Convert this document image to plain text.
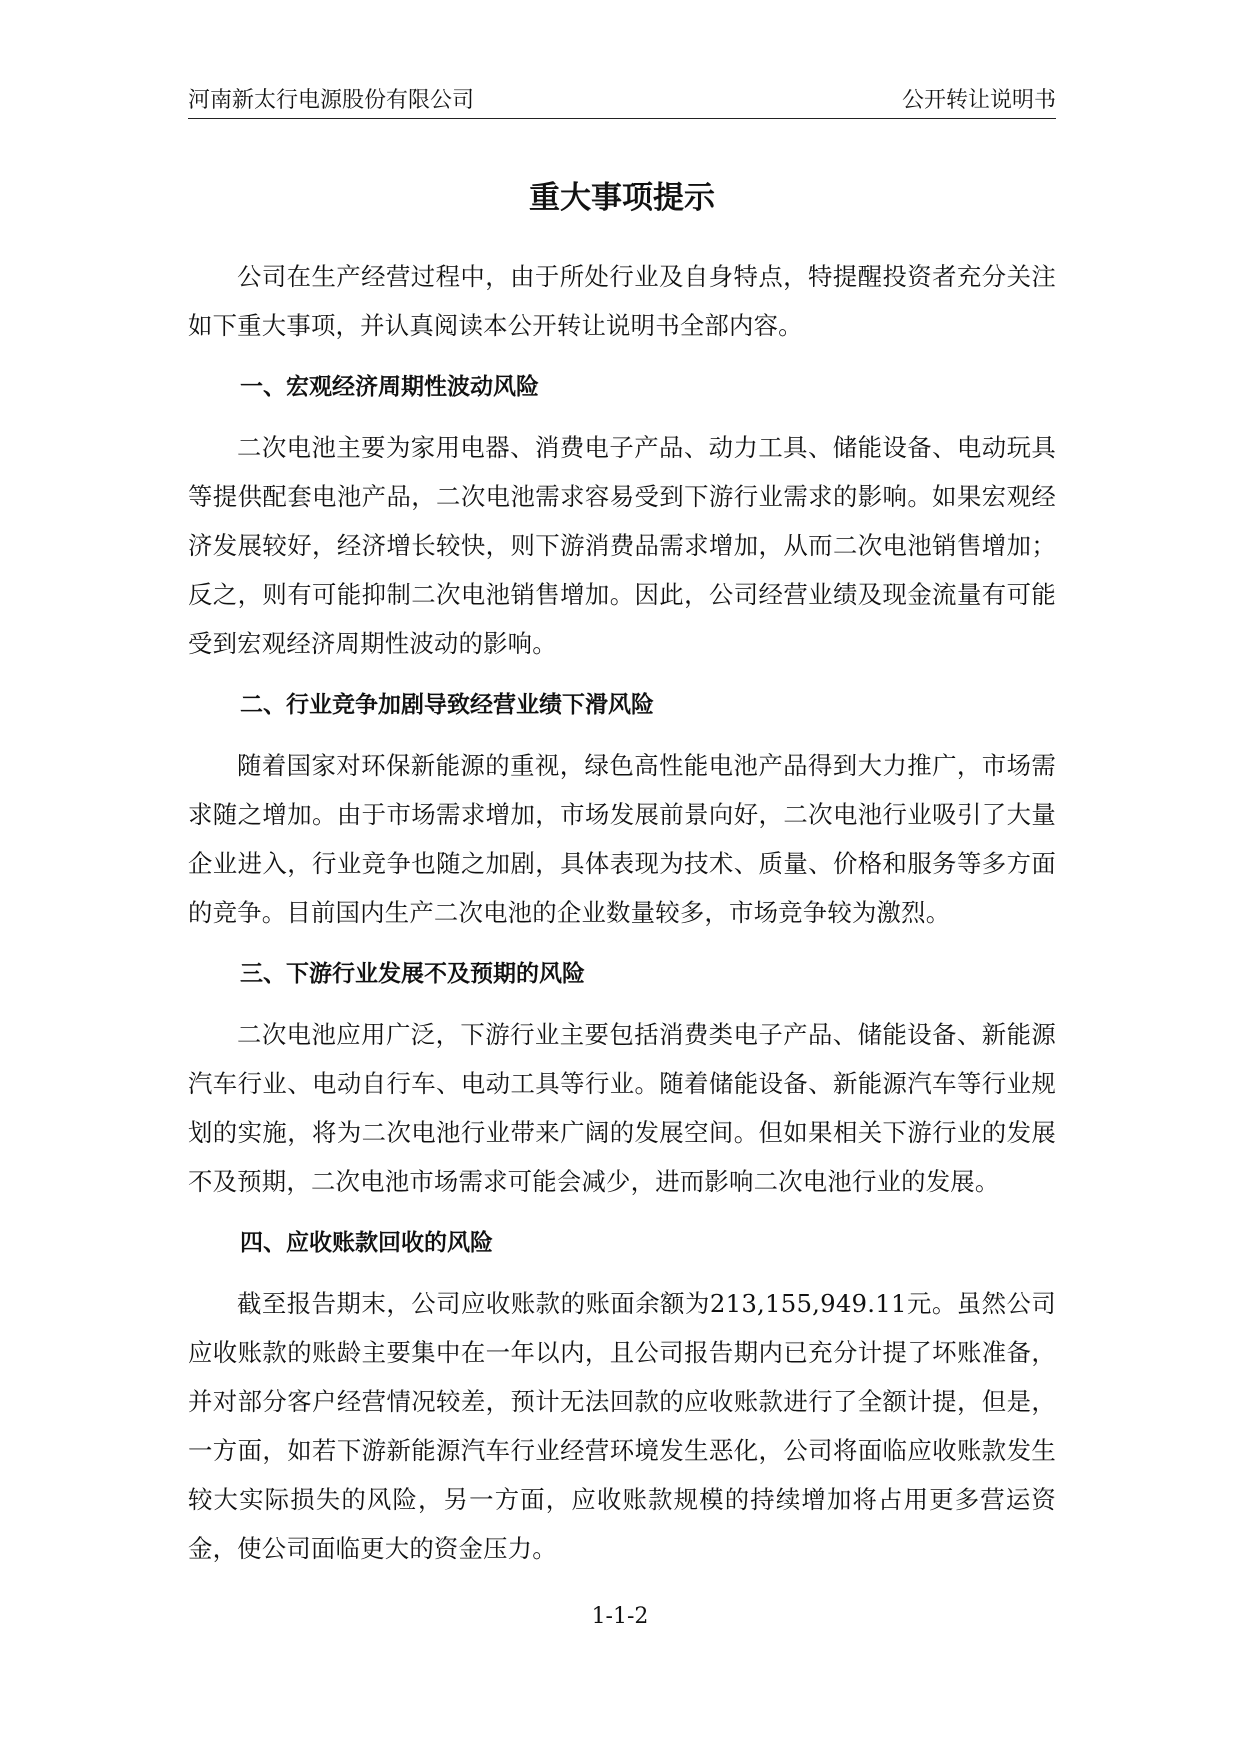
河南新太行电源股份有限公司	公开转让说明书
重大事项提示

公司在生产经营过程中，由于所处行业及自身特点，特提醒投资者充分关注如下重大事项，并认真阅读本公开转让说明书全部内容。

一、宏观经济周期性波动风险

二次电池主要为家用电器、消费电子产品、动力工具、储能设备、电动玩具等提供配套电池产品，二次电池需求容易受到下游行业需求的影响。如果宏观经济发展较好，经济增长较快，则下游消费品需求增加，从而二次电池销售增加；反之，则有可能抑制二次电池销售增加。因此，公司经营业绩及现金流量有可能受到宏观经济周期性波动的影响。

二、行业竞争加剧导致经营业绩下滑风险

随着国家对环保新能源的重视，绿色高性能电池产品得到大力推广，市场需求随之增加。由于市场需求增加，市场发展前景向好，二次电池行业吸引了大量企业进入，行业竞争也随之加剧，具体表现为技术、质量、价格和服务等多方面的竞争。目前国内生产二次电池的企业数量较多，市场竞争较为激烈。

三、下游行业发展不及预期的风险

二次电池应用广泛，下游行业主要包括消费类电子产品、储能设备、新能源汽车行业、电动自行车、电动工具等行业。随着储能设备、新能源汽车等行业规划的实施，将为二次电池行业带来广阔的发展空间。但如果相关下游行业的发展不及预期，二次电池市场需求可能会减少，进而影响二次电池行业的发展。

四、应收账款回收的风险

截至报告期末，公司应收账款的账面余额为213,155,949.11元。虽然公司应收账款的账龄主要集中在一年以内，且公司报告期内已充分计提了坏账准备，并对部分客户经营情况较差，预计无法回款的应收账款进行了全额计提，但是，一方面，如若下游新能源汽车行业经营环境发生恶化，公司将面临应收账款发生较大实际损失的风险，另一方面，应收账款规模的持续增加将占用更多营运资金，使公司面临更大的资金压力。

1-1-2
